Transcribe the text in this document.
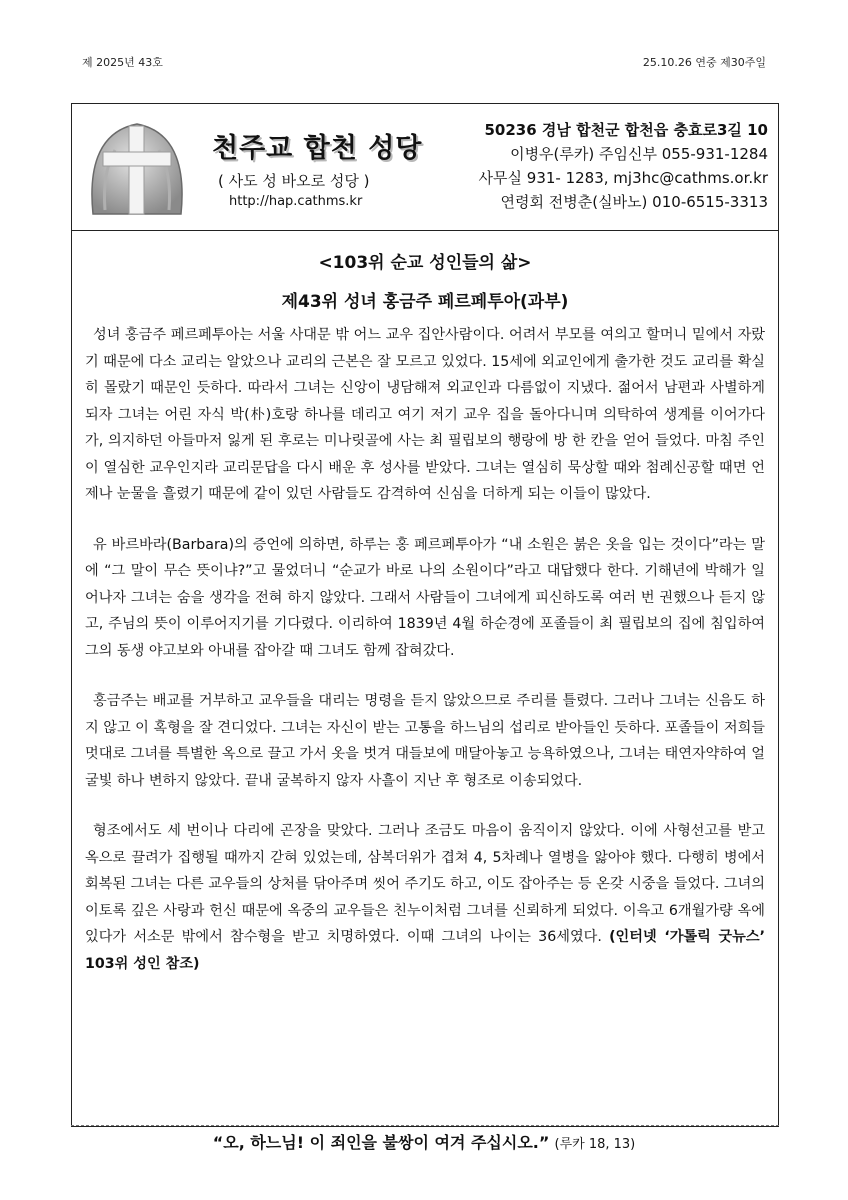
제 2025년 43호	25.10.26 연중 제30주일
천주교 합천 성당
( 사도 성 바오로 성당 )
http://hap.cathms.kr
50236 경남 합천군 합천읍 충효로3길 10
이병우(루카) 주임신부 055-931-1284
사무실 931- 1283, mj3hc@cathms.or.kr
연령회 전병춘(실바노) 010-6515-3313
<103위 순교 성인들의 삶>
제43위 성녀 홍금주 페르페투아(과부)

성녀 홍금주 페르페투아는 서울 사대문 밖 어느 교우 집안사람이다. 어려서 부모를 여의고 할머니 밑에서 자랐기 때문에 다소 교리는 알았으나 교리의 근본은 잘 모르고 있었다. 15세에 외교인에게 출가한 것도 교리를 확실히 몰랐기 때문인 듯하다. 따라서 그녀는 신앙이 냉담해져 외교인과 다름없이 지냈다. 젊어서 남편과 사별하게 되자 그녀는 어린 자식 박(朴)호랑 하나를 데리고 여기 저기 교우 집을 돌아다니며 의탁하여 생계를 이어가다가, 의지하던 아들마저 잃게 된 후로는 미나릿골에 사는 최 필립보의 행랑에 방 한 칸을 얻어 들었다. 마침 주인이 열심한 교우인지라 교리문답을 다시 배운 후 성사를 받았다. 그녀는 열심히 묵상할 때와 첨례신공할 때면 언제나 눈물을 흘렸기 때문에 같이 있던 사람들도 감격하여 신심을 더하게 되는 이들이 많았다.

유 바르바라(Barbara)의 증언에 의하면, 하루는 홍 페르페투아가 “내 소원은 붉은 옷을 입는 것이다”라는 말에 “그 말이 무슨 뜻이냐?”고 물었더니 “순교가 바로 나의 소원이다”라고 대답했다 한다. 기해년에 박해가 일어나자 그녀는 숨을 생각을 전혀 하지 않았다. 그래서 사람들이 그녀에게 피신하도록 여러 번 권했으나 듣지 않고, 주님의 뜻이 이루어지기를 기다렸다. 이리하여 1839년 4월 하순경에 포졸들이 최 필립보의 집에 침입하여 그의 동생 야고보와 아내를 잡아갈 때 그녀도 함께 잡혀갔다.

홍금주는 배교를 거부하고 교우들을 대리는 명령을 듣지 않았으므로 주리를 틀렸다. 그러나 그녀는 신음도 하지 않고 이 혹형을 잘 견디었다. 그녀는 자신이 받는 고통을 하느님의 섭리로 받아들인 듯하다. 포졸들이 저희들 멋대로 그녀를 특별한 옥으로 끌고 가서 옷을 벗겨 대들보에 매달아놓고 능욕하였으나, 그녀는 태연자약하여 얼굴빛 하나 변하지 않았다. 끝내 굴복하지 않자 사흘이 지난 후 형조로 이송되었다.

형조에서도 세 번이나 다리에 곤장을 맞았다. 그러나 조금도 마음이 움직이지 않았다. 이에 사형선고를 받고 옥으로 끌려가 집행될 때까지 갇혀 있었는데, 삼복더위가 겹쳐 4, 5차례나 열병을 앓아야 했다. 다행히 병에서 회복된 그녀는 다른 교우들의 상처를 닦아주며 씻어 주기도 하고, 이도 잡아주는 등 온갖 시중을 들었다. 그녀의 이토록 깊은 사랑과 헌신 때문에 옥중의 교우들은 친누이처럼 그녀를 신뢰하게 되었다. 이윽고 6개월가량 옥에 있다가 서소문 밖에서 참수형을 받고 치명하였다. 이때 그녀의 나이는 36세였다. (인터넷 ‘가톨릭 굿뉴스’ 103위 성인 참조)

“오, 하느님! 이 죄인을 불쌍이 여겨 주십시오.” (루카 18, 13)
